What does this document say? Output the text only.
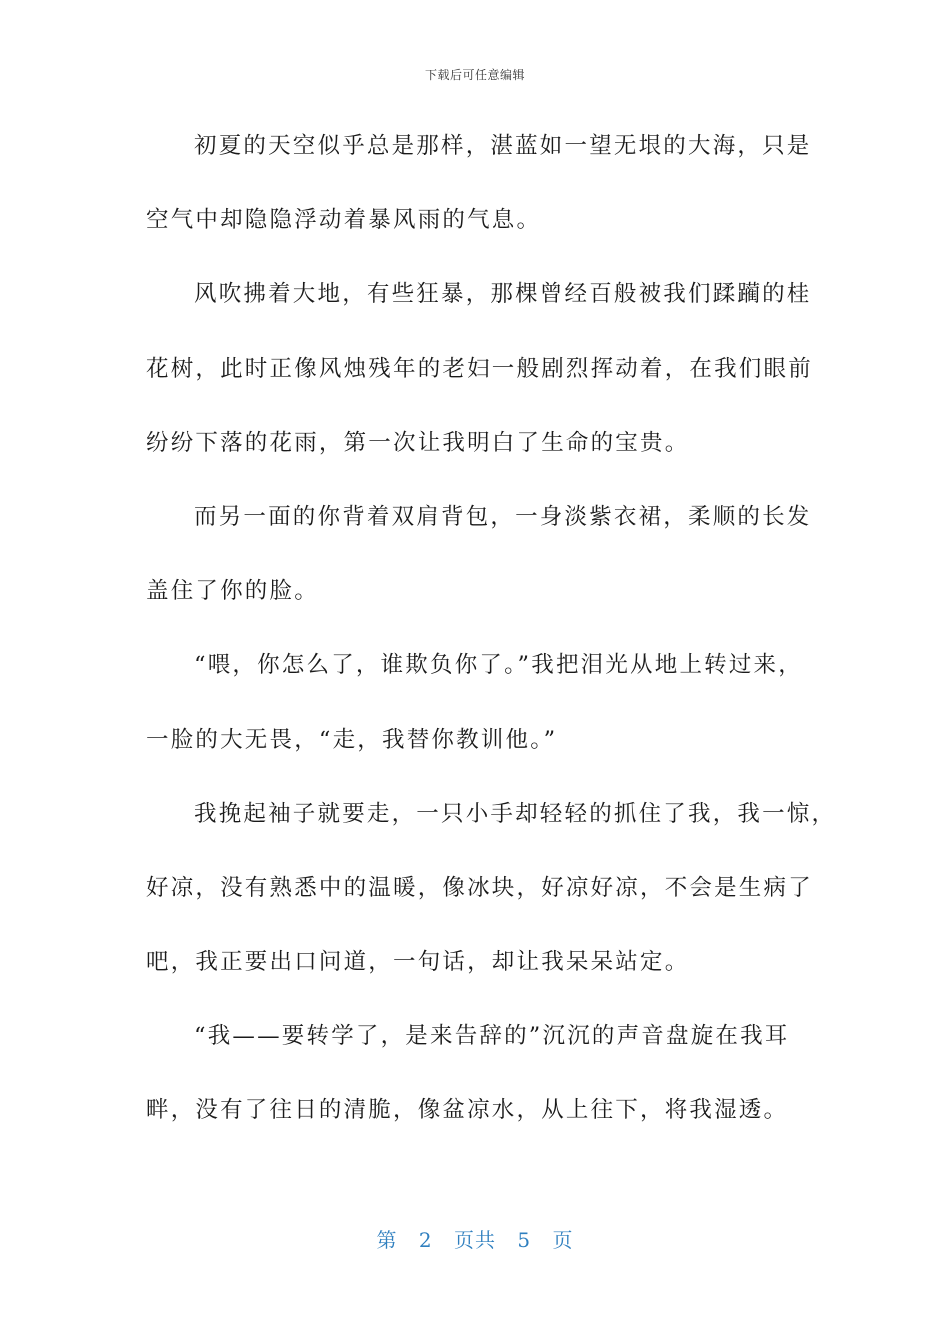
下载后可任意编辑
初夏的天空似乎总是那样，湛蓝如一望无垠的大海，只是
空气中却隐隐浮动着暴风雨的气息。
风吹拂着大地，有些狂暴，那棵曾经百般被我们蹂躏的桂
花树，此时正像风烛残年的老妇一般剧烈挥动着，在我们眼前
纷纷下落的花雨，第一次让我明白了生命的宝贵。
而另一面的你背着双肩背包，一身淡紫衣裙，柔顺的长发
盖住了你的脸。
“喂，你怎么了，谁欺负你了。”我把泪光从地上转过来，
一脸的大无畏，“走，我替你教训他。”
我挽起袖子就要走，一只小手却轻轻的抓住了我，我一惊，
好凉，没有熟悉中的温暖，像冰块，好凉好凉，不会是生病了
吧，我正要出口问道，一句话，却让我呆呆站定。
“我——要转学了，是来告辞的”沉沉的声音盘旋在我耳
畔，没有了往日的清脆，像盆凉水，从上往下，将我湿透。
第 2 页共 5 页
